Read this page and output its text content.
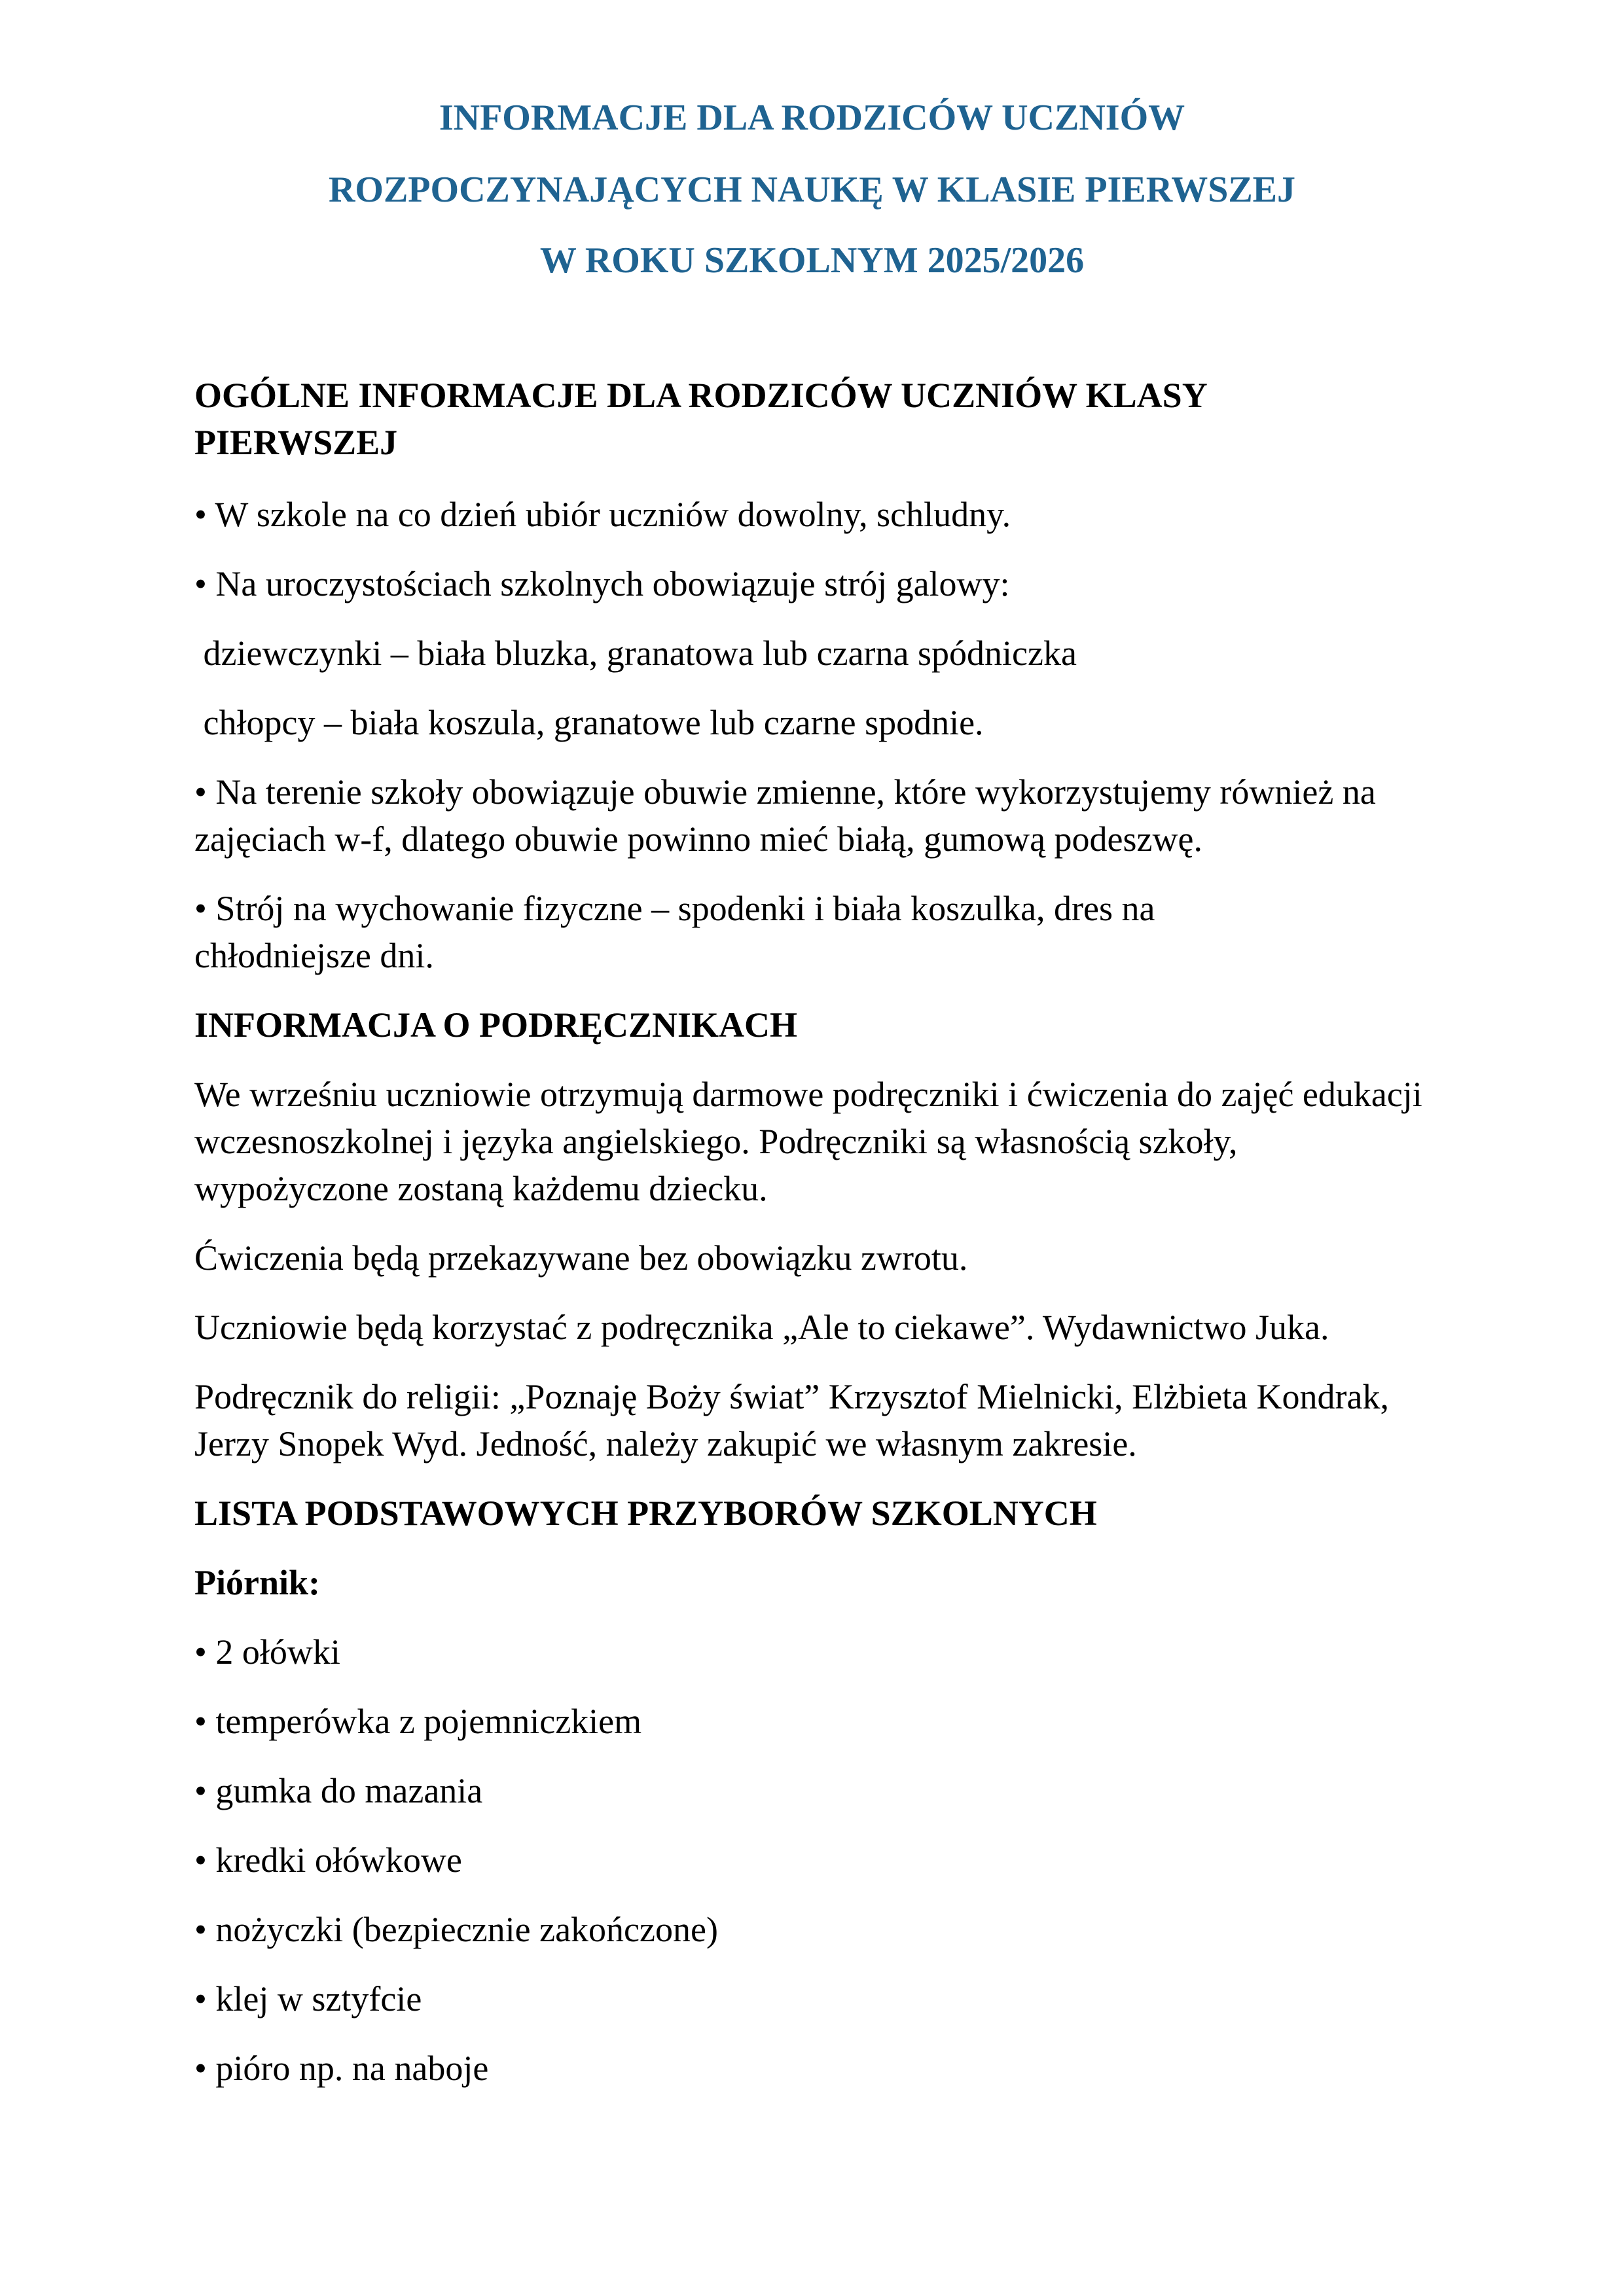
INFORMACJE DLA RODZICÓW UCZNIÓW
ROZPOCZYNAJĄCYCH NAUKĘ W KLASIE PIERWSZEJ
W ROKU SZKOLNYM 2025/2026
OGÓLNE INFORMACJE DLA RODZICÓW UCZNIÓW KLASY PIERWSZEJ
• W szkole na co dzień ubiór uczniów dowolny, schludny.
• Na uroczystościach szkolnych obowiązuje strój galowy:
dziewczynki – biała bluzka, granatowa lub czarna spódniczka
chłopcy – biała koszula, granatowe lub czarne spodnie.
• Na terenie szkoły obowiązuje obuwie zmienne, które wykorzystujemy również na zajęciach w-f, dlatego obuwie powinno mieć białą, gumową podeszwę.
• Strój na wychowanie fizyczne – spodenki i biała koszulka, dres na chłodniejsze dni.
INFORMACJA O PODRĘCZNIKACH
We wrześniu uczniowie otrzymują darmowe podręczniki i ćwiczenia do zajęć edukacji wczesnoszkolnej i języka angielskiego. Podręczniki są własnością szkoły, wypożyczone zostaną każdemu dziecku.
Ćwiczenia będą przekazywane bez obowiązku zwrotu.
Uczniowie będą korzystać z podręcznika „Ale to ciekawe”. Wydawnictwo Juka.
Podręcznik do religii: „Poznaję Boży świat” Krzysztof Mielnicki, Elżbieta Kondrak, Jerzy Snopek Wyd. Jedność, należy zakupić we własnym zakresie.
LISTA PODSTAWOWYCH PRZYBORÓW SZKOLNYCH
Piórnik:
• 2 ołówki
• temperówka z pojemniczkiem
• gumka do mazania
• kredki ołówkowe
• nożyczki (bezpiecznie zakończone)
• klej w sztyfcie
• pióro np. na naboje
